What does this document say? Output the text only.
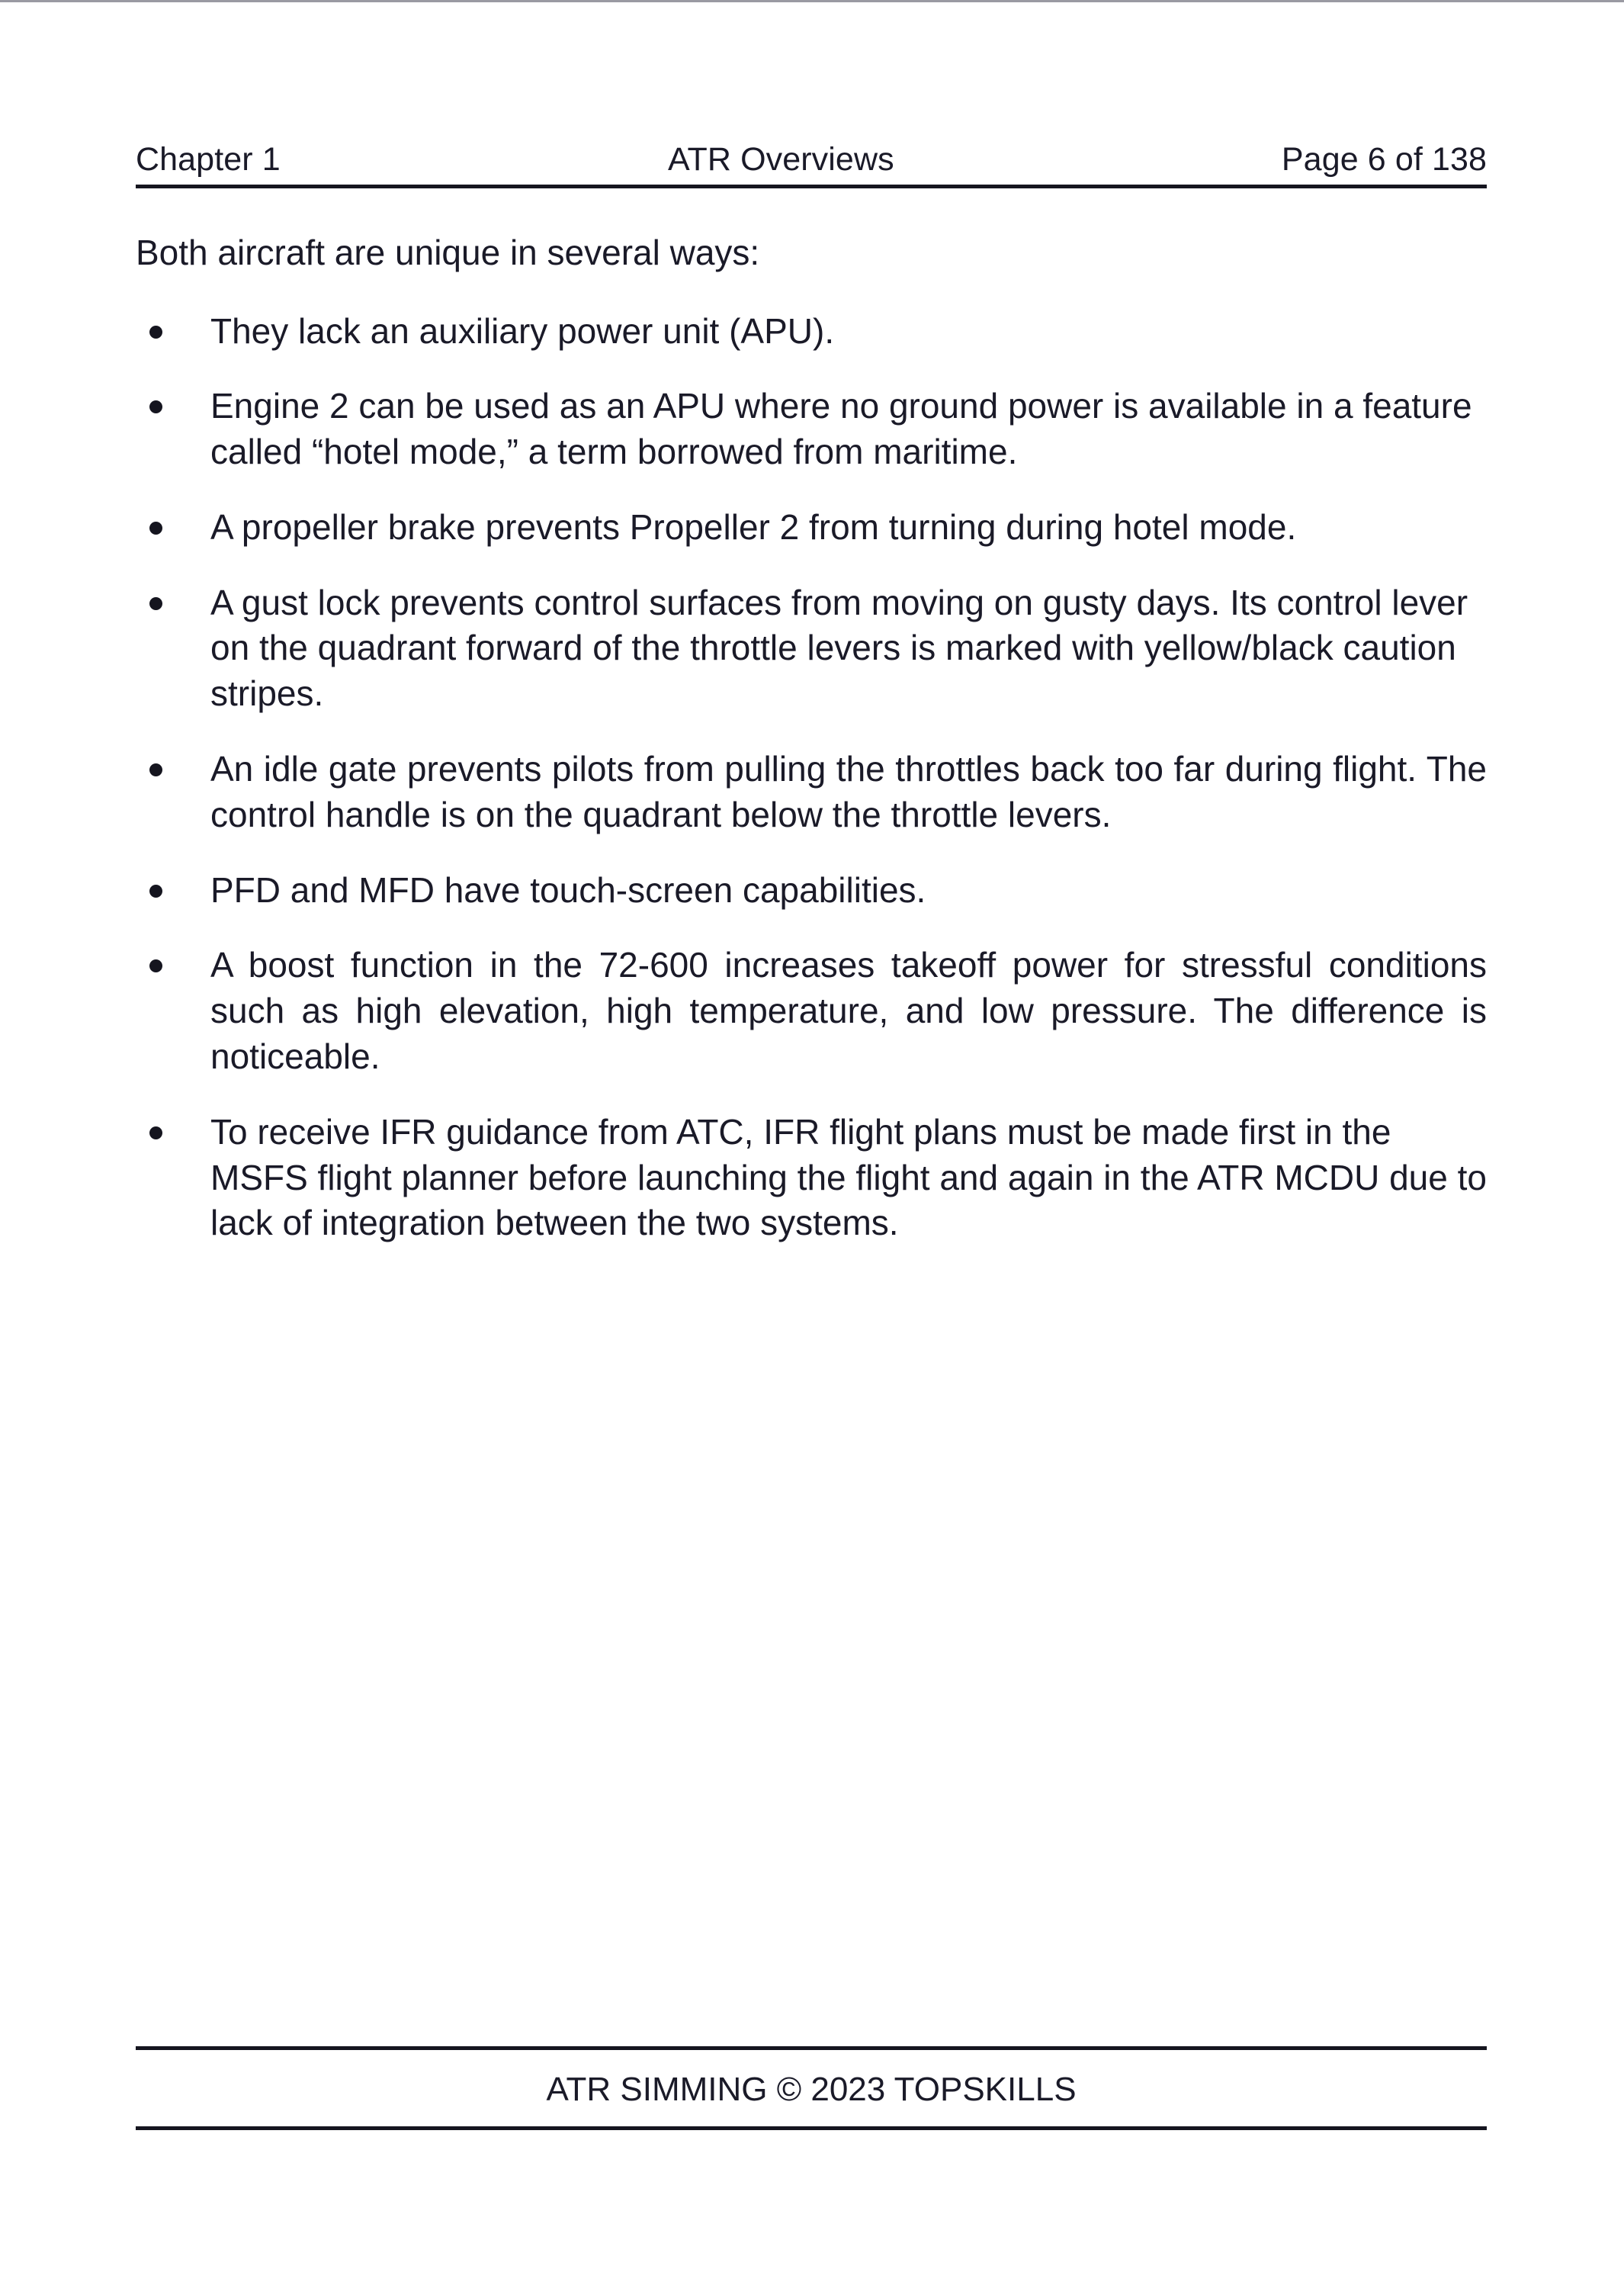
Chapter 1	ATR Overviews	Page 6 of 138

Both aircraft are unique in several ways:

They lack an auxiliary power unit (APU).
Engine 2 can be used as an APU where no ground power is available in a feature called “hotel mode,” a term borrowed from maritime.
A propeller brake prevents Propeller 2 from turning during hotel mode.
A gust lock prevents control surfaces from moving on gusty days. Its control lever on the quadrant forward of the throttle levers is marked with yellow/black caution stripes.
An idle gate prevents pilots from pulling the throttles back too far during flight. The control handle is on the quadrant below the throttle levers.
PFD and MFD have touch-screen capabilities.
A boost function in the 72-600 increases takeoff power for stressful conditions such as high elevation, high temperature, and low pressure. The difference is noticeable.
To receive IFR guidance from ATC, IFR flight plans must be made first in the MSFS flight planner before launching the flight and again in the ATR MCDU due to lack of integration between the two systems.
ATR SIMMING © 2023 TOPSKILLS
